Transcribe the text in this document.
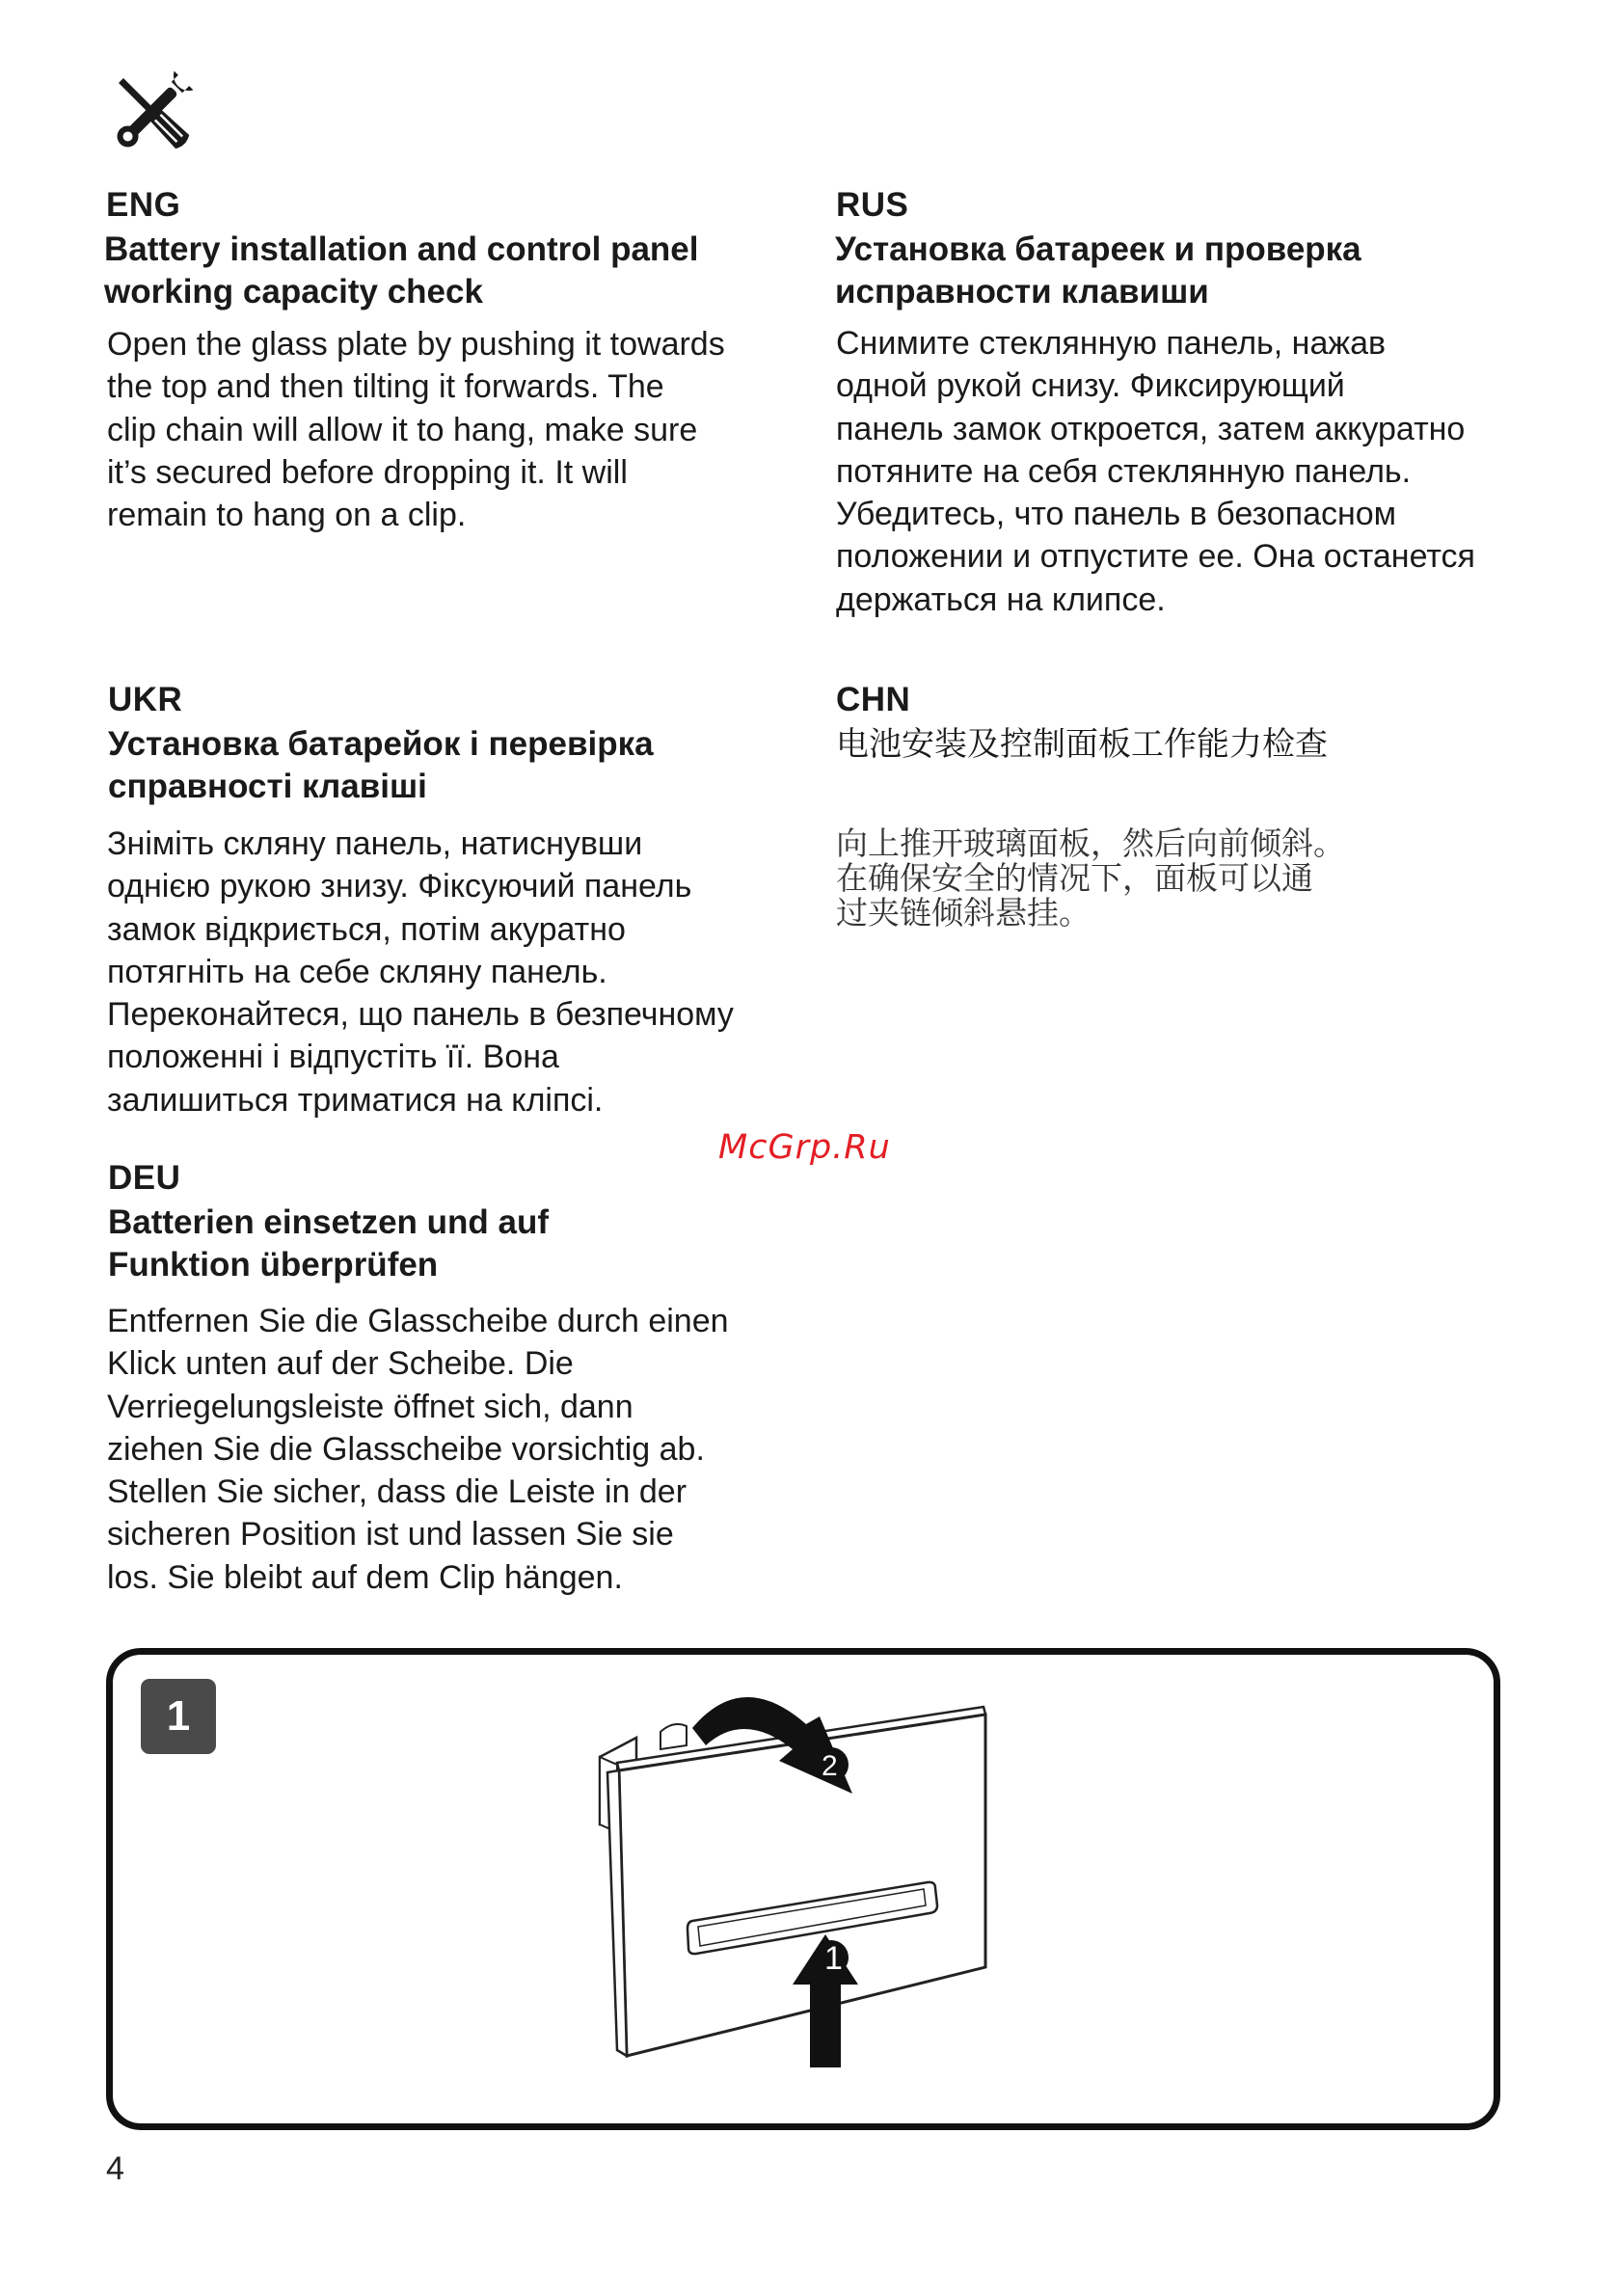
ENG
Battery installation and control panel
working capacity check
Open the glass plate by pushing it towards
the top and then tilting it forwards. The
clip chain will allow it to hang, make sure
it’s secured before dropping it. It will
remain to hang on a clip.
RUS
Установка батареек и проверка
исправности клавиши
Снимите стеклянную панель, нажав
одной рукой снизу. Фиксирующий
панель замок откроется, затем аккуратно
потяните на себя стеклянную панель.
Убедитесь, что панель в безопасном
положении и отпустите ее. Она останется
держаться на клипсе.
UKR
Установка батарейок і перевірка
справності клавіші
Зніміть скляну панель, натиснувши
однією рукою знизу. Фіксуючий панель
замок відкриється, потім акуратно
потягніть на себе скляну панель.
Переконайтеся, що панель в безпечному
положенні і відпустіть її. Вона
залишиться триматися на кліпсі.
CHN
电池安装及控制面板工作能力检查
向上推开玻璃面板，然后向前倾斜。
在确保安全的情况下，面板可以通
过夹链倾斜悬挂。
McGrp.Ru
DEU
Batterien einsetzen und auf
Funktion überprüfen
Entfernen Sie die Glasscheibe durch einen
Klick unten auf der Scheibe. Die
Verriegelungsleiste öffnet sich, dann
ziehen Sie die Glasscheibe vorsichtig ab.
Stellen Sie sicher, dass die Leiste in der
sicheren Position ist und lassen Sie sie
los. Sie bleibt auf dem Clip hängen.
1
1
2
4
